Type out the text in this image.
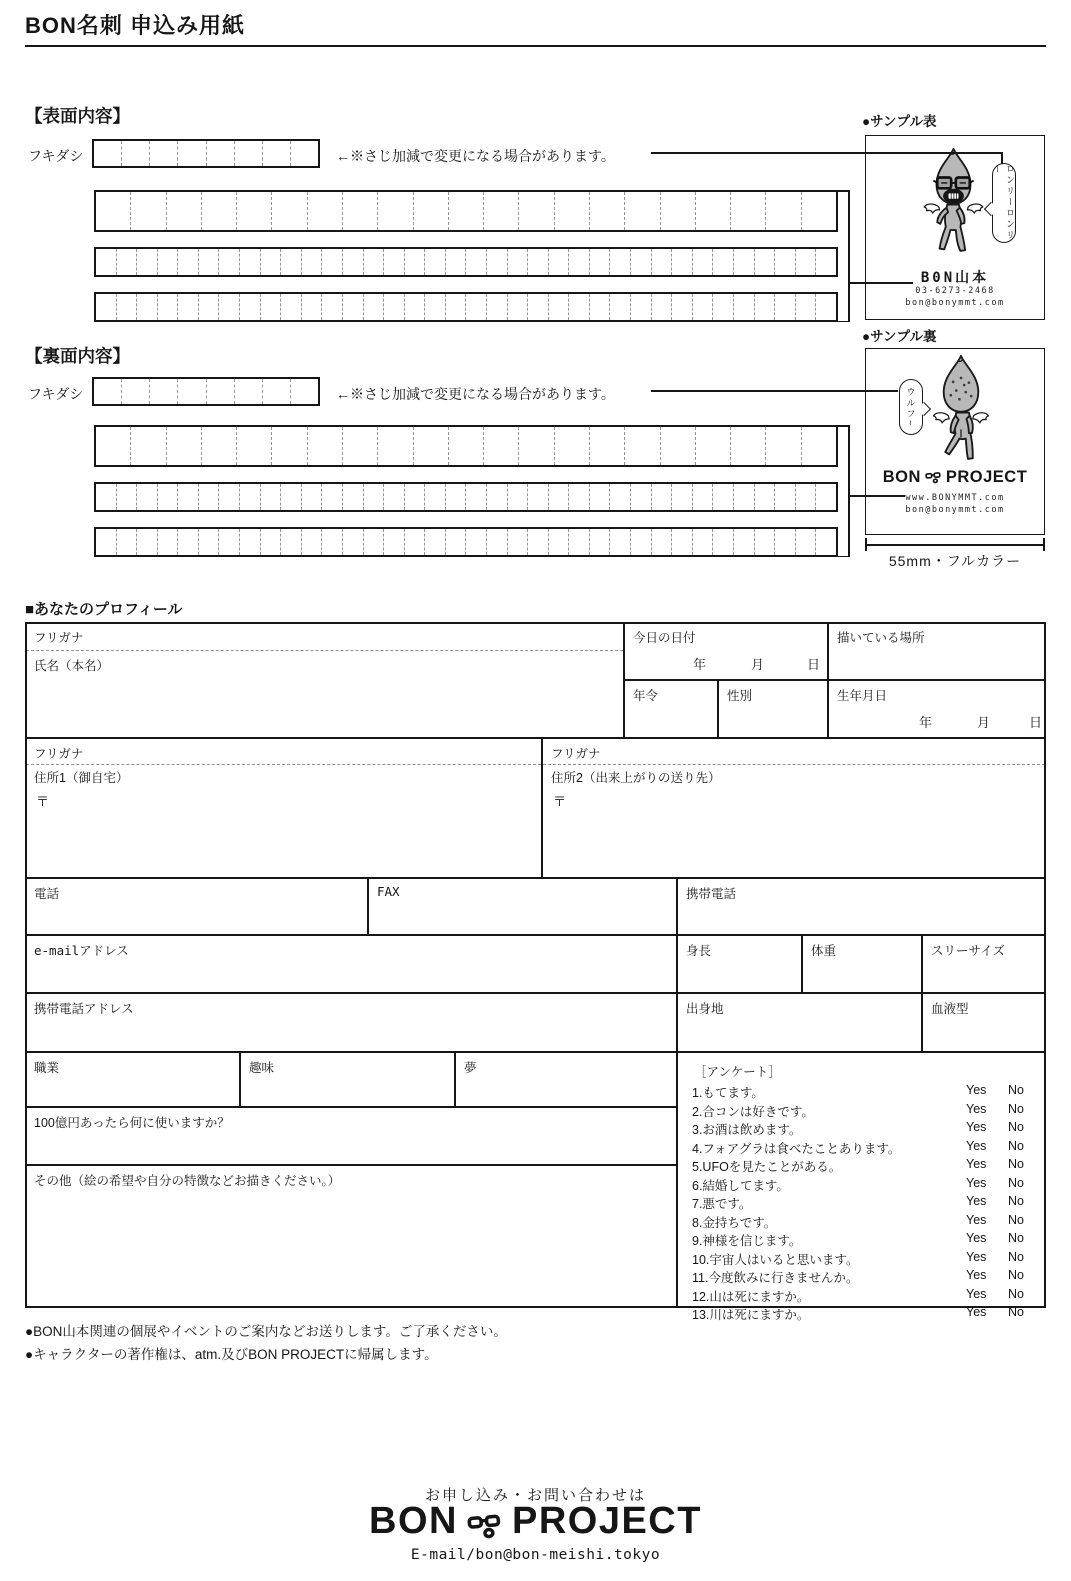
BON名刺 申込み用紙
【表面内容】
フキダシ	←※さじ加減で変更になる場合があります。
●サンプル表
ロンリーロンリー
B0N山本
03-6273-2468
bon@bonymmt.com
【裏面内容】
フキダシ	←※さじ加減で変更になる場合があります。
●サンプル裏
ウルフ~
BON PROJECT
www.BONYMMT.com
bon@bonymmt.com
55mm・フルカラー
■あなたのプロフィール
フリガナ
氏名（本名）
今日の日付
年	月	日
描いている場所
年令	性別	生年月日
年	月	日
フリガナ
住所1（御自宅）
〒
フリガナ
住所2（出来上がりの送り先）
〒
電話	FAX	携帯電話
e-mailアドレス	身長	体重	スリーサイズ
携帯電話アドレス	出身地	血液型
職業	趣味	夢
100億円あったら何に使いますか？
その他（絵の希望や自分の特徴などお描きください。）
［アンケート］
1.もてます。	Yes No
2.合コンは好きです。	Yes No
3.お酒は飲めます。	Yes No
4.フォアグラは食べたことあります。	Yes No
5.UFOを見たことがある。	Yes No
6.結婚してます。	Yes No
7.悪です。	Yes No
8.金持ちです。	Yes No
9.神様を信じます。	Yes No
10.宇宙人はいると思います。	Yes No
11.今度飲みに行きませんか。	Yes No
12.山は死にますか。	Yes No
13.川は死にますか。	Yes No
●BON山本関連の個展やイベントのご案内などお送りします。ご了承ください。
●キャラクターの著作権は、atm.及びBON PROJECTに帰属します。
お申し込み・お問い合わせは
BON PROJECT
E-mail/bon@bon-meishi.tokyo
